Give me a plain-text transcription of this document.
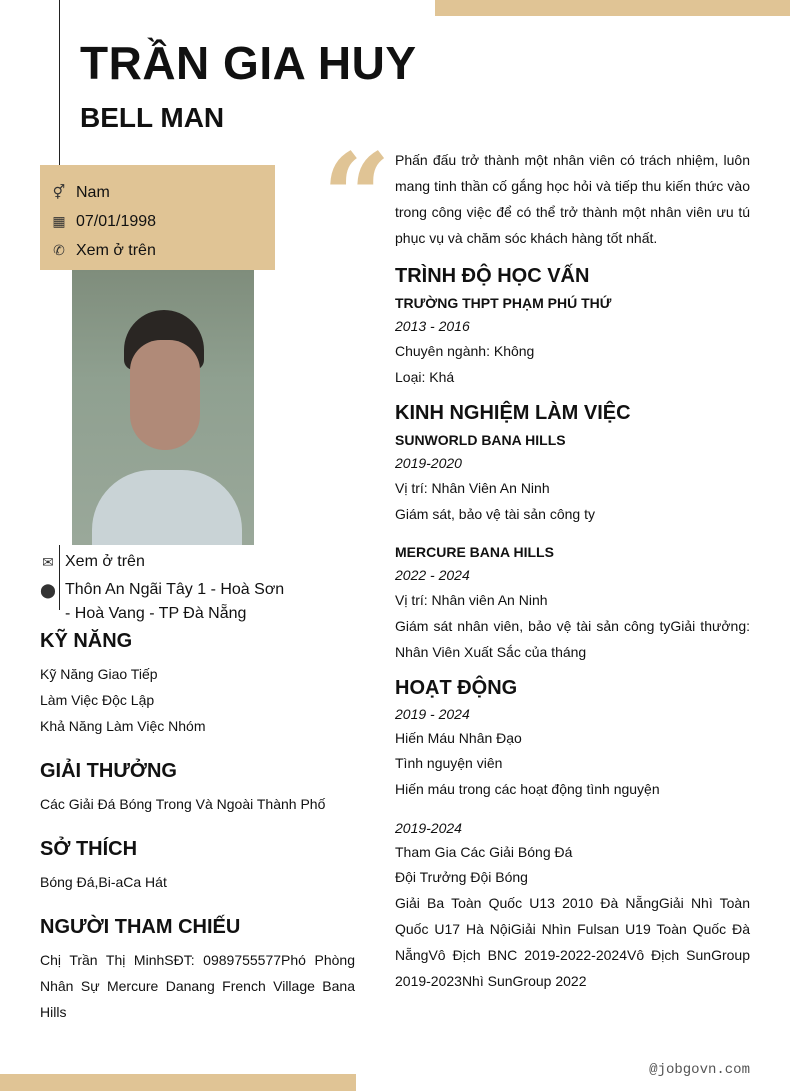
TRẦN GIA HUY
BELL MAN
⚥ Nam
▦ 07/01/1998
✆ Xem ở trên
✉ Xem ở trên
⬤ Thôn An Ngãi Tây 1 - Hoà Sơn
- Hoà Vang - TP Đà Nẵng
KỸ NĂNG

Kỹ Năng Giao Tiếp

Làm Việc Độc Lập

Khả Năng Làm Việc Nhóm

GIẢI THƯỞNG

Các Giải Đá Bóng Trong Và Ngoài Thành Phố

SỞ THÍCH

Bóng Đá,Bi-aCa Hát

NGƯỜI THAM CHIẾU

Chị Trần Thị MinhSĐT: 0989755577Phó Phòng Nhân Sự Mercure Danang French Village Bana Hills

“ Phấn đấu trở thành một nhân viên có trách nhiệm, luôn mang tinh thần cố gắng học hỏi và tiếp thu kiến thức vào trong công việc để có thể trở thành một nhân viên ưu tú phục vụ và chăm sóc khách hàng tốt nhất.

TRÌNH ĐỘ HỌC VẤN
TRƯỜNG THPT PHẠM PHÚ THỨ
2013 - 2016

Chuyên ngành: Không

Loại: Khá

KINH NGHIỆM LÀM VIỆC
SUNWORLD BANA HILLS
2019-2020

Vị trí: Nhân Viên An Ninh

Giám sát, bảo vệ tài sản công ty

MERCURE BANA HILLS
2022 - 2024

Vị trí: Nhân viên An Ninh

Giám sát nhân viên, bảo vệ tài sản công tyGiải thưởng: Nhân Viên Xuất Sắc của tháng

HOẠT ĐỘNG
2019 - 2024

Hiến Máu Nhân Đạo

Tình nguyện viên

Hiến máu trong các hoạt động tình nguyện

2019-2024

Tham Gia Các Giải Bóng Đá

Đội Trưởng Đội Bóng

Giải Ba Toàn Quốc U13 2010 Đà NẵngGiải Nhì Toàn Quốc U17 Hà NộiGiải Nhìn Fulsan U19 Toàn Quốc Đà NẵngVô Địch BNC 2019-2022-2024Vô Địch SunGroup 2019-2023Nhì SunGroup 2022

@jobgovn.com
